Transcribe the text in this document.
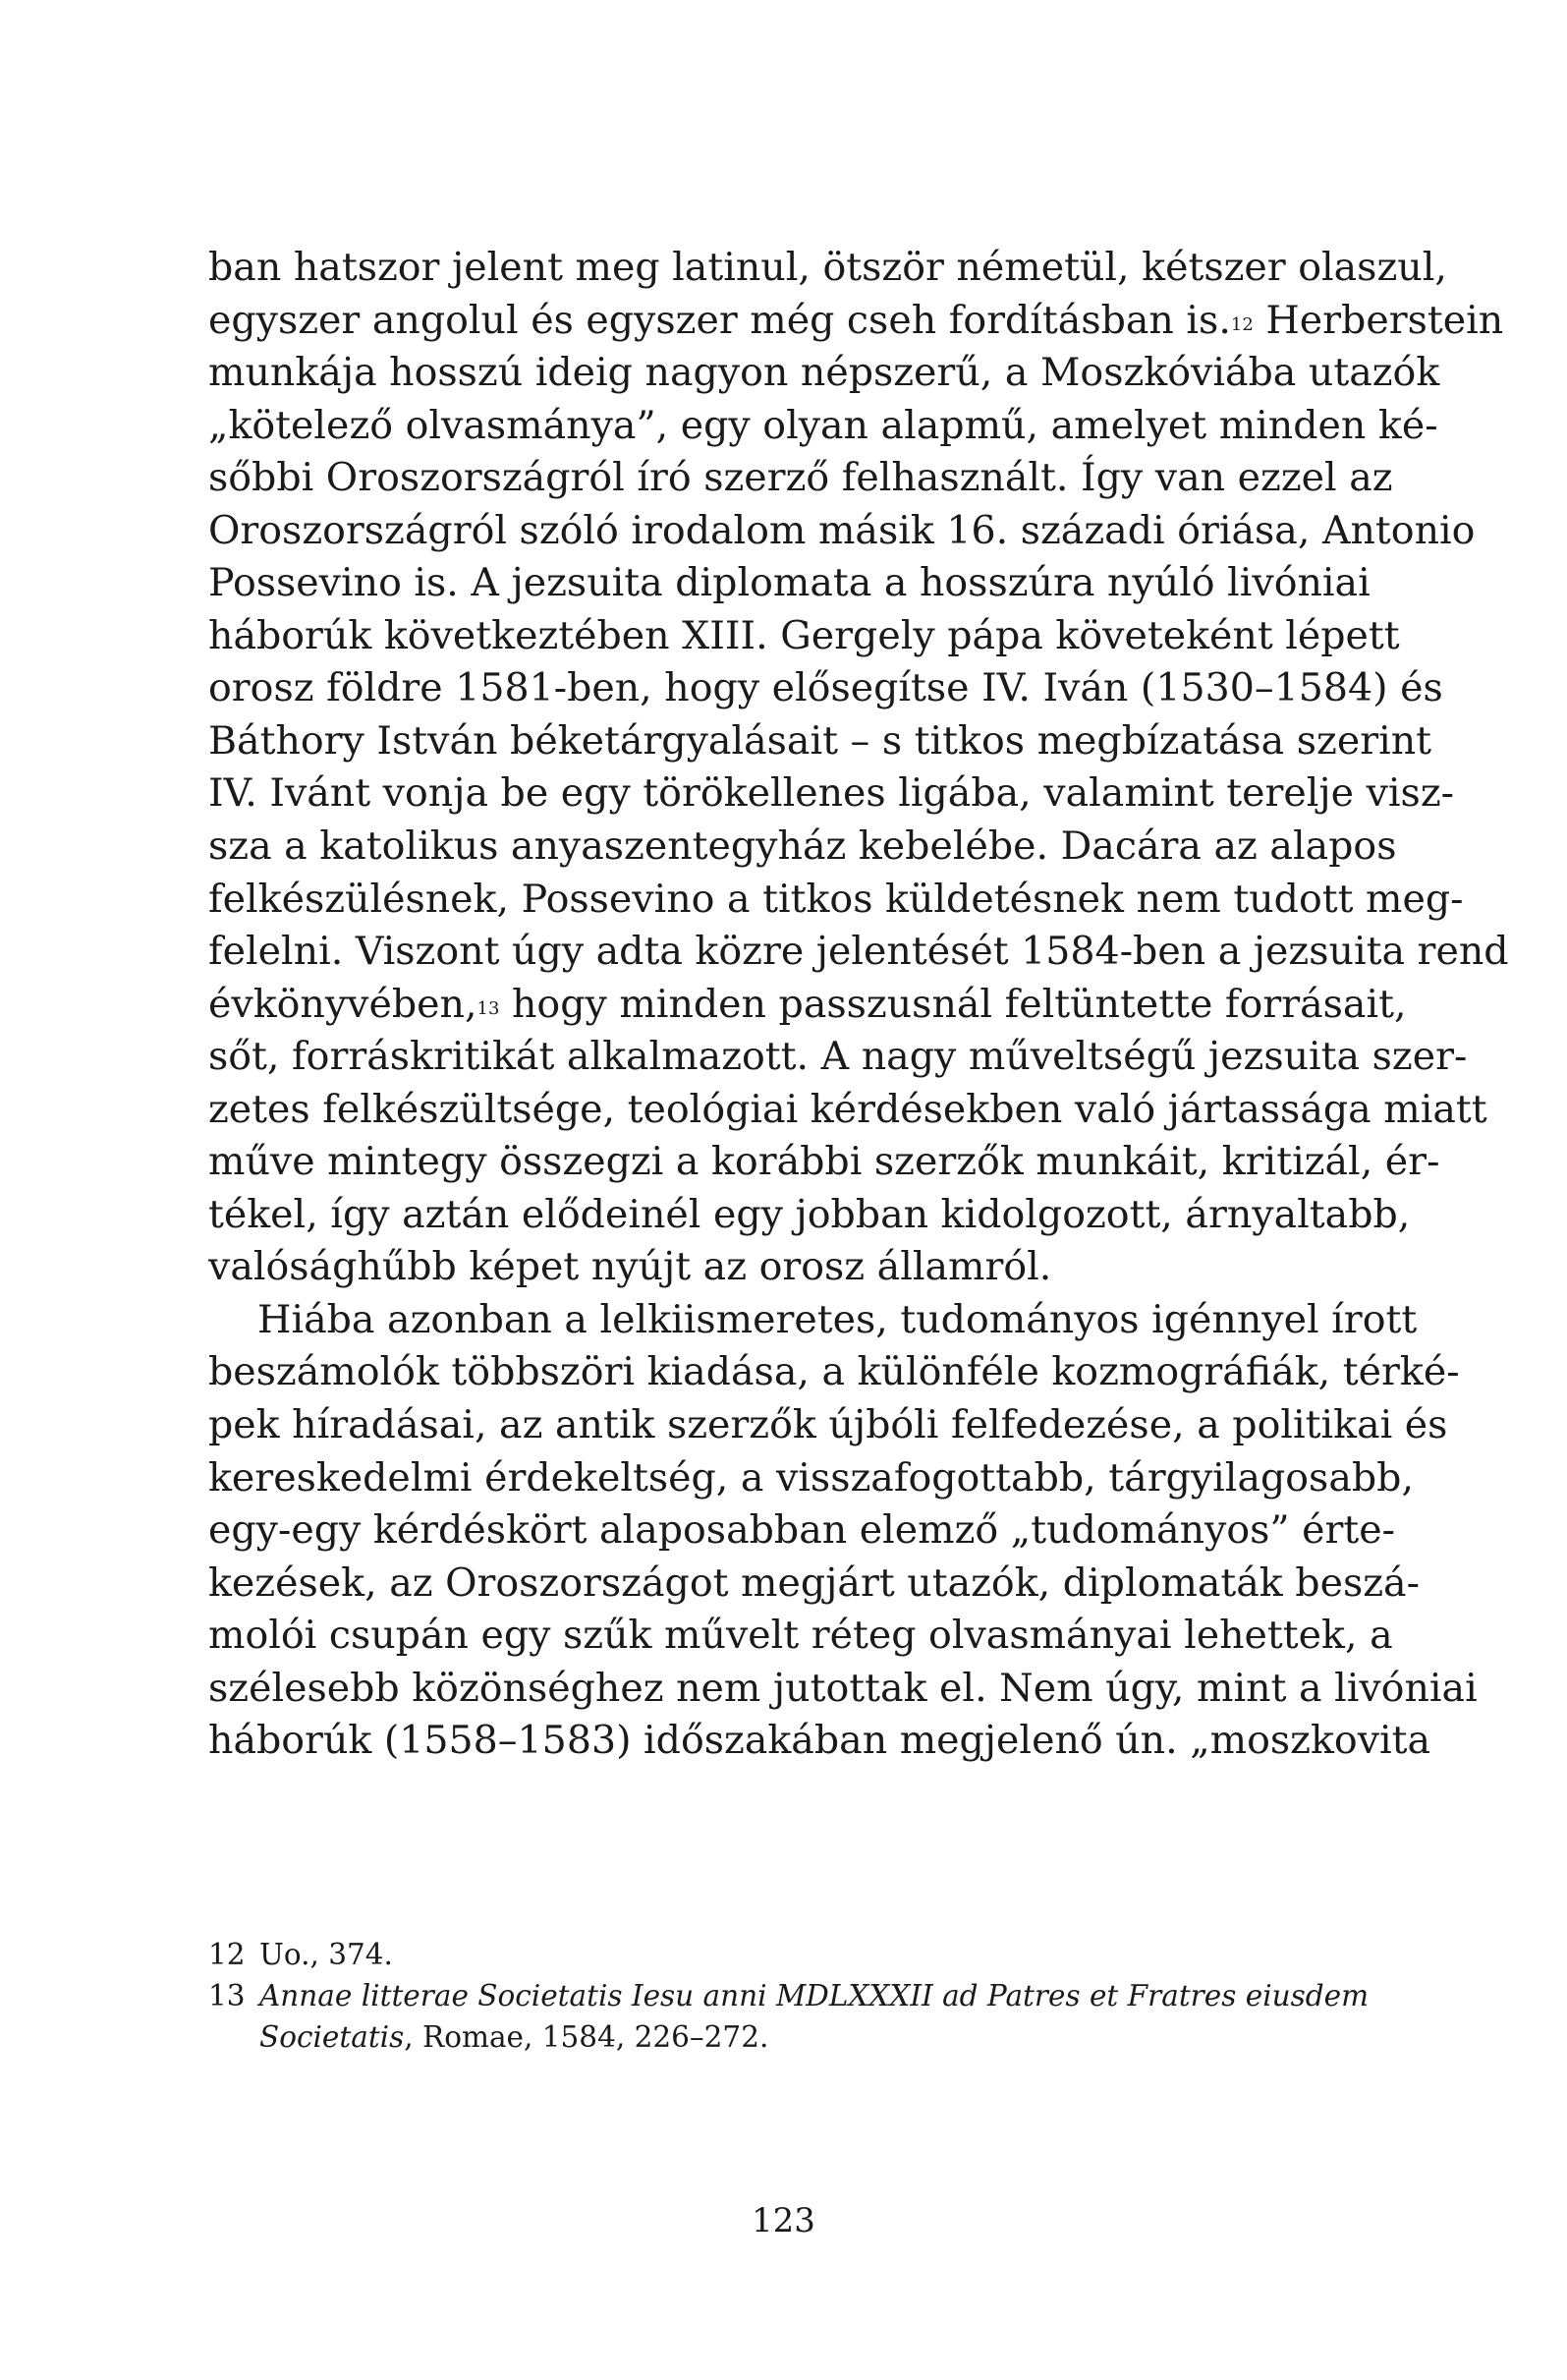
ban hatszor jelent meg latinul, ötször németül, kétszer olaszul,
egyszer angolul és egyszer még cseh fordításban is.$^{12}$ Herberstein
munkája hosszú ideig nagyon népszerű, a Moszkóviába utazók
„kötelező olvasmánya”, egy olyan alapmű, amelyet minden ké-
sőbbi Oroszországról író szerző felhasznált. Így van ezzel az
Oroszországról szóló irodalom másik 16. századi óriása, Antonio
Possevino is. A jezsuita diplomata a hosszúra nyúló livóniai
háborúk következtében XIII. Gergely pápa követeként lépett
orosz földre 1581-ben, hogy elősegítse IV. Iván (1530–1584) és
Báthory István béketárgyalásait – s titkos megbízatása szerint
IV. Ivánt vonja be egy törökellenes ligába, valamint terelje visz-
sza a katolikus anyaszentegyház kebelébe. Dacára az alapos
felkészülésnek, Possevino a titkos küldetésnek nem tudott meg-
felelni. Viszont úgy adta közre jelentését 1584-ben a jezsuita rend
évkönyvében,$^{13}$ hogy minden passzusnál feltüntette forrásait,
sőt, forráskritikát alkalmazott. A nagy műveltségű jezsuita szer-
zetes felkészültsége, teológiai kérdésekben való jártassága miatt
műve mintegy összegzi a korábbi szerzők munkáit, kritizál, ér-
tékel, így aztán elődeinél egy jobban kidolgozott, árnyaltabb,
valósághűbb képet nyújt az orosz államról.
Hiába azonban a lelkiismeretes, tudományos igénnyel írott
beszámolók többszöri kiadása, a különféle kozmográfiák, térké-
pek híradásai, az antik szerzők újbóli felfedezése, a politikai és
kereskedelmi érdekeltség, a visszafogottabb, tárgyilagosabb,
egy-egy kérdéskört alaposabban elemző „tudományos” érte-
kezések, az Oroszországot megjárt utazók, diplomaták beszá-
molói csupán egy szűk művelt réteg olvasmányai lehettek, a
szélesebb közönséghez nem jutottak el. Nem úgy, mint a livóniai
háborúk (1558–1583) időszakában megjelenő ún. „moszkovita
12 Uo., 374.
13 Annae litterae Societatis Iesu anni MDLXXXII ad Patres et Fratres eiusdem
Societatis, Romae, 1584, 226–272.
123
